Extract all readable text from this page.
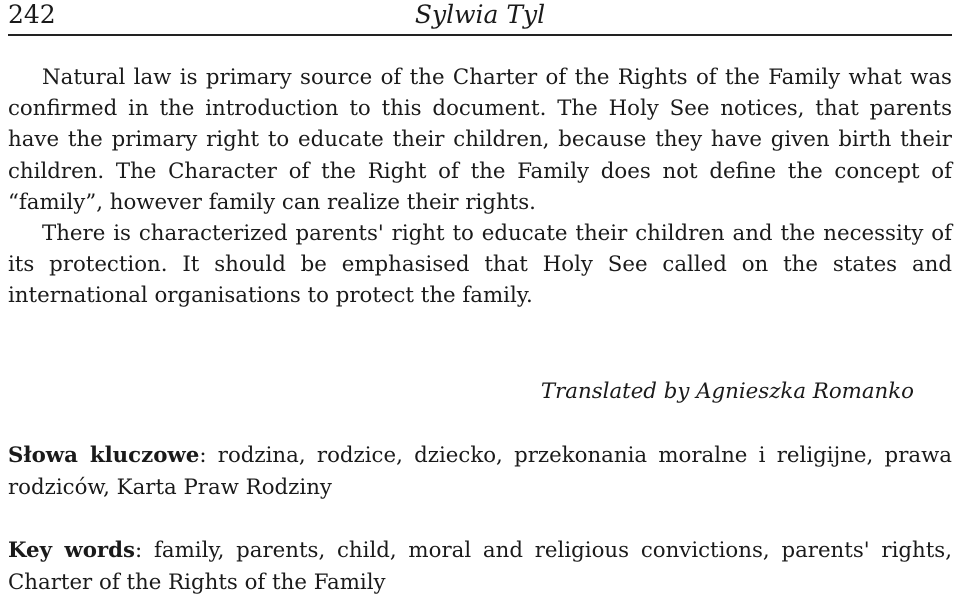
242	Sylwia Tyl

Natural law is primary source of the Charter of the Rights of the Family what was confirmed in the introduction to this document. The Holy See notices, that parents have the primary right to educate their children, because they have given birth their children. The Character of the Right of the Family does not define the concept of “family”, however family can realize their rights.

There is characterized parents' right to educate their children and the necessity of its protection. It should be emphasised that Holy See called on the states and international organisations to protect the family.

Translated by Agnieszka Romanko

Słowa kluczowe: rodzina, rodzice, dziecko, przekonania moralne i religijne, prawa rodziców, Karta Praw Rodziny

Key words: family, parents, child, moral and religious convictions, parents' rights, Charter of the Rights of the Family
